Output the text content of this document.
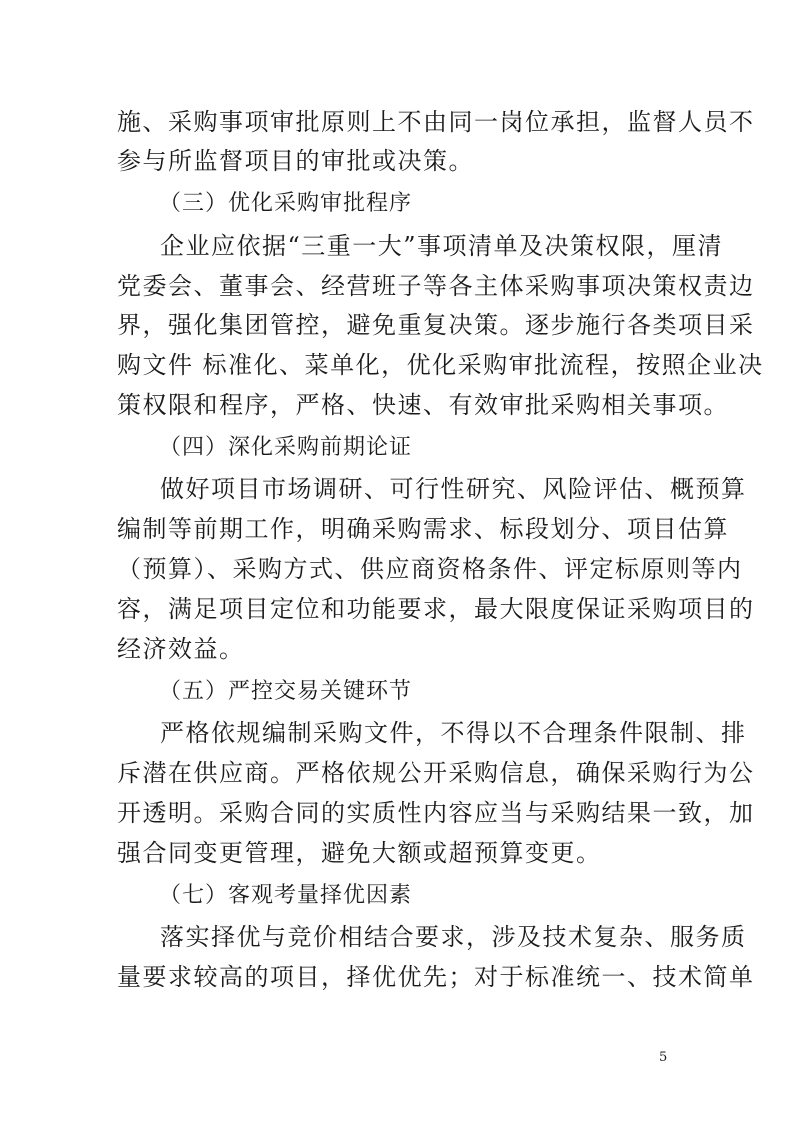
施、采购事项审批原则上不由同一岗位承担，监督人员不
参与所监督项目的审批或决策。
（三）优化采购审批程序
企业应依据“三重一大”事项清单及决策权限，厘清
党委会、董事会、经营班子等各主体采购事项决策权责边
界，强化集团管控，避免重复决策。逐步施行各类项目采
购文件 标准化、菜单化，优化采购审批流程，按照企业决
策权限和程序，严格、快速、有效审批采购相关事项。
（四）深化采购前期论证
做好项目市场调研、可行性研究、风险评估、概预算
编制等前期工作，明确采购需求、标段划分、项目估算
（预算）、采购方式、供应商资格条件、评定标原则等内
容，满足项目定位和功能要求，最大限度保证采购项目的
经济效益。
（五）严控交易关键环节
严格依规编制采购文件，不得以不合理条件限制、排
斥潜在供应商。严格依规公开采购信息，确保采购行为公
开透明。采购合同的实质性内容应当与采购结果一致，加
强合同变更管理，避免大额或超预算变更。
（七）客观考量择优因素
落实择优与竞价相结合要求，涉及技术复杂、服务质
量要求较高的项目，择优优先；对于标准统一、技术简单
5
